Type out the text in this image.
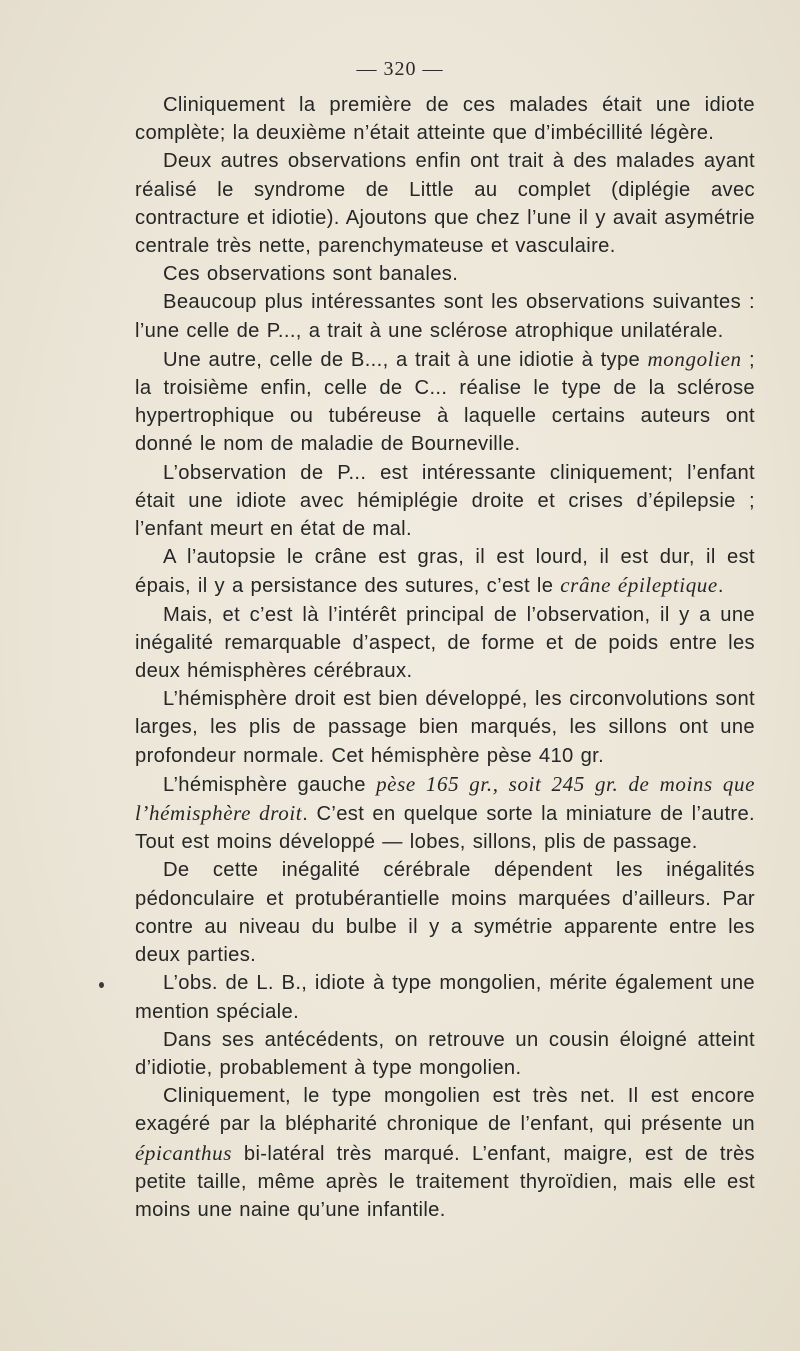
— 320 —

Cliniquement la première de ces malades était une idiote complète; la deuxième n’était atteinte que d’imbécillité légère.

Deux autres observations enfin ont trait à des malades ayant réalisé le syndrome de Little au complet (diplégie avec contracture et idiotie). Ajoutons que chez l’une il y avait asymétrie centrale très nette, parenchymateuse et vasculaire.

Ces observations sont banales.

Beaucoup plus intéressantes sont les observations suivantes : l’une celle de P..., a trait à une sclérose atrophique unilatérale.

Une autre, celle de B..., a trait à une idiotie à type mongolien ; la troisième enfin, celle de C... réalise le type de la sclérose hypertrophique ou tubéreuse à laquelle certains auteurs ont donné le nom de maladie de Bourneville.

L’observation de P... est intéressante cliniquement; l’enfant était une idiote avec hémiplégie droite et crises d’épilepsie ; l’enfant meurt en état de mal.

A l’autopsie le crâne est gras, il est lourd, il est dur, il est épais, il y a persistance des sutures, c’est le crâne épileptique.

Mais, et c’est là l’intérêt principal de l’observation, il y a une inégalité remarquable d’aspect, de forme et de poids entre les deux hémisphères cérébraux.

L’hémisphère droit est bien développé, les circonvolutions sont larges, les plis de passage bien marqués, les sillons ont une profondeur normale. Cet hémisphère pèse 410 gr.

L’hémisphère gauche pèse 165 gr., soit 245 gr. de moins que l’hémisphère droit. C’est en quelque sorte la miniature de l’autre. Tout est moins développé — lobes, sillons, plis de passage.

De cette inégalité cérébrale dépendent les inégalités pédonculaire et protubérantielle moins marquées d’ailleurs. Par contre au niveau du bulbe il y a symétrie apparente entre les deux parties.

L’obs. de L. B., idiote à type mongolien, mérite également une mention spéciale.

Dans ses antécédents, on retrouve un cousin éloigné atteint d’idiotie, probablement à type mongolien.

Cliniquement, le type mongolien est très net. Il est encore exagéré par la blépharité chronique de l’enfant, qui présente un épicanthus bi-latéral très marqué. L’enfant, maigre, est de très petite taille, même après le traitement thyroïdien, mais elle est moins une naine qu’une infantile.
